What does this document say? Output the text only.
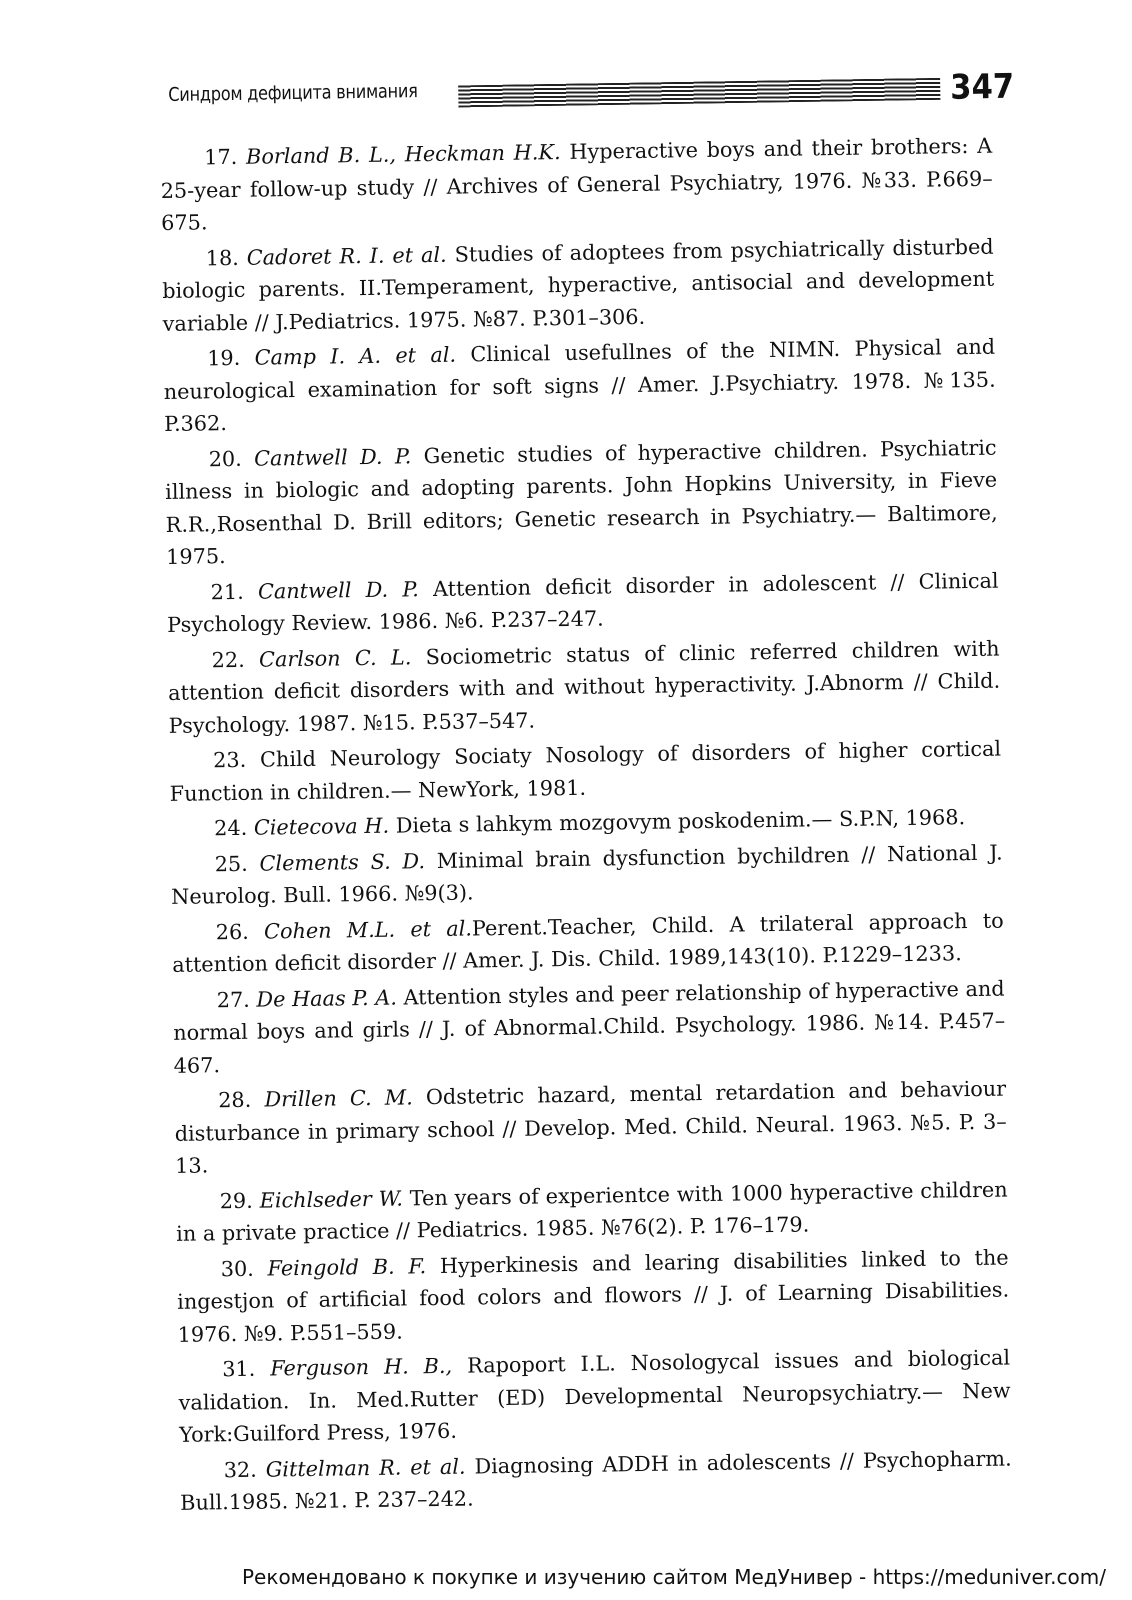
Синдром дефицита внимания	347

17. Borland B. L., Heckman H.K. Hyperactive boys and their brothers: A 25-year follow-up study // Archives of General Psychiatry, 1976. №33. P.669–675.

18. Cadoret R. I. et al. Studies of adoptees from psychiatrically disturbed biologic parents. II.Temperament, hyperactive, antisocial and development variable // J.Pediatrics. 1975. №87. P.301–306.

19. Camp I. A. et al. Clinical usefullnes of the NIMN. Physical and neurological examination for soft signs // Amer. J.Psychiatry. 1978. №135. P.362.

20. Cantwell D. P. Genetic studies of hyperactive children. Psychiatric illness in biologic and adopting parents. John Hopkins University, in Fieve R.R.,Rosenthal D. Brill editors; Genetic research in Psychiatry.— Baltimore, 1975.

21. Cantwell D. P. Attention deficit disorder in adolescent // Clinical Psychology Review. 1986. №6. P.237–247.

22. Carlson C. L. Sociometric status of clinic referred children with attention deficit disorders with and without hyperactivity. J.Abnorm // Child. Psychology. 1987. №15. P.537–547.

23. Child Neurology Sociaty Nosology of disorders of higher cortical Function in children.— NewYork, 1981.

24. Cietecova H. Dieta s lahkym mozgovym poskodenim.— S.P.N, 1968.

25. Clements S. D. Minimal brain dysfunction bychildren // National J. Neurolog. Bull. 1966. №9(3).

26. Cohen M.L. et al.Perent.Teacher, Child. A trilateral approach to attention deficit disorder // Amer. J. Dis. Child. 1989,143(10). P.1229–1233.

27. De Haas P. A. Attention styles and peer relationship of hyperactive and normal boys and girls // J. of Abnormal.Child. Psychology. 1986. №14. P.457–467.

28. Drillen C. M. Odstetric hazard, mental retardation and behaviour disturbance in primary school // Develop. Med. Child. Neural. 1963. №5. P. 3–13.

29. Eichlseder W. Ten years of experientce with 1000 hyperactive children in a private practice // Pediatrics. 1985. №76(2). P. 176–179.

30. Feingold B. F. Hyperkinesis and learing disabilities linked to the ingestjon of artificial food colors and flowors // J. of Learning Disabilities. 1976. №9. P.551–559.

31. Ferguson H. B., Rapoport I.L. Nosologycal issues and biological validation. In. Med.Rutter (ED) Developmental Neuropsychiatry.— New York:Guilford Press, 1976.

32. Gittelman R. et al. Diagnosing ADDH in adolescents // Psychopharm. Bull.1985. №21. P. 237–242.

Рекомендовано к покупке и изучению сайтом МедУнивер - https://meduniver.com/
